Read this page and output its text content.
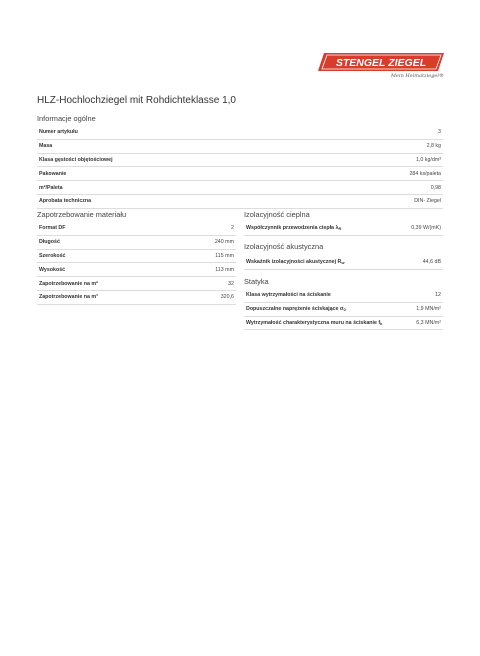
STENGEL ZIEGEL
Mein Heimatziegel®
HLZ-Hochlochziegel mit Rohdichteklasse 1,0
Informacje ogólne
Numer artykułu	3
Masa	2,8 kg
Klasa gęstości objętościowej	1,0 kg/dm³
Pakowanie	284 ks/paleta
m²/Paleta	0,98
Aprobata techniczna	DIN- Ziegel
Zapotrzebowanie materiału
Format DF	2
Długość	240 mm
Szerokość	115 mm
Wysokość	113 mm
Zapotrzebowanie na m²	32
Zapotrzebowanie na m³	320,6
Izolacyjność cieplna
Współczynnik przewodzenia ciepła $\lambda_R$	0,39 W/(mK)
Izolacyjność akustyczna
Wskaźnik izolacyjności akustycznej $R_w$	44,6 dB
Statyka
Klasa wytrzymałości na ściskanie	12
Dopuszczalne naprężenie ściskające $\sigma_0$	1,9 MN/m²
Wytrzymałość charakterystyczna muru na ściskanie $f_k$	6,3 MN/m²
